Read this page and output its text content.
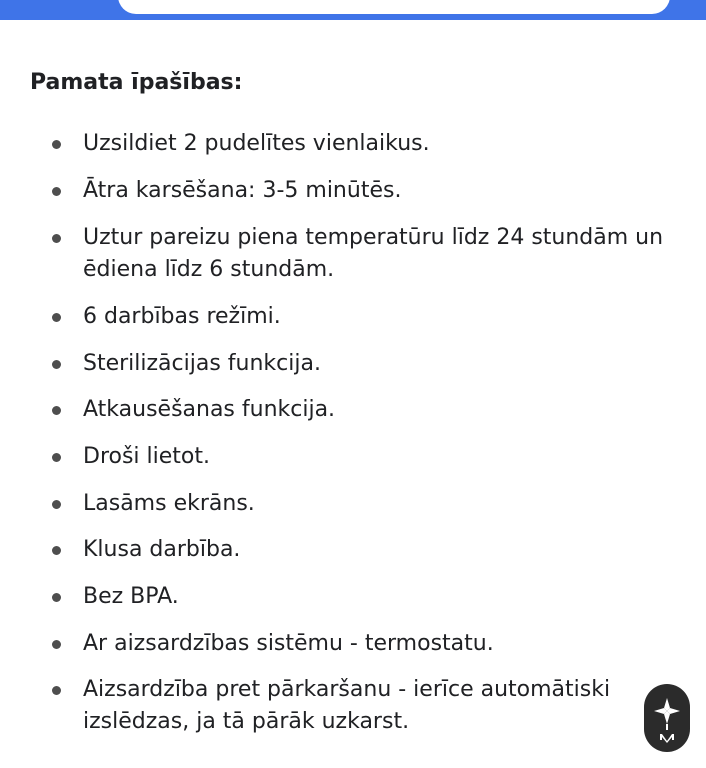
Pamata īpašības:
Uzsildiet 2 pudelītes vienlaikus.
Ātra karsēšana: 3-5 minūtēs.
Uztur pareizu piena temperatūru līdz 24 stundām un ēdiena līdz 6 stundām.
6 darbības režīmi.
Sterilizācijas funkcija.
Atkausēšanas funkcija.
Droši lietot.
Lasāms ekrāns.
Klusa darbība.
Bez BPA.
Ar aizsardzības sistēmu - termostatu.
Aizsardzība pret pārkaršanu - ierīce automātiski izslēdzas, ja tā pārāk uzkarst.
